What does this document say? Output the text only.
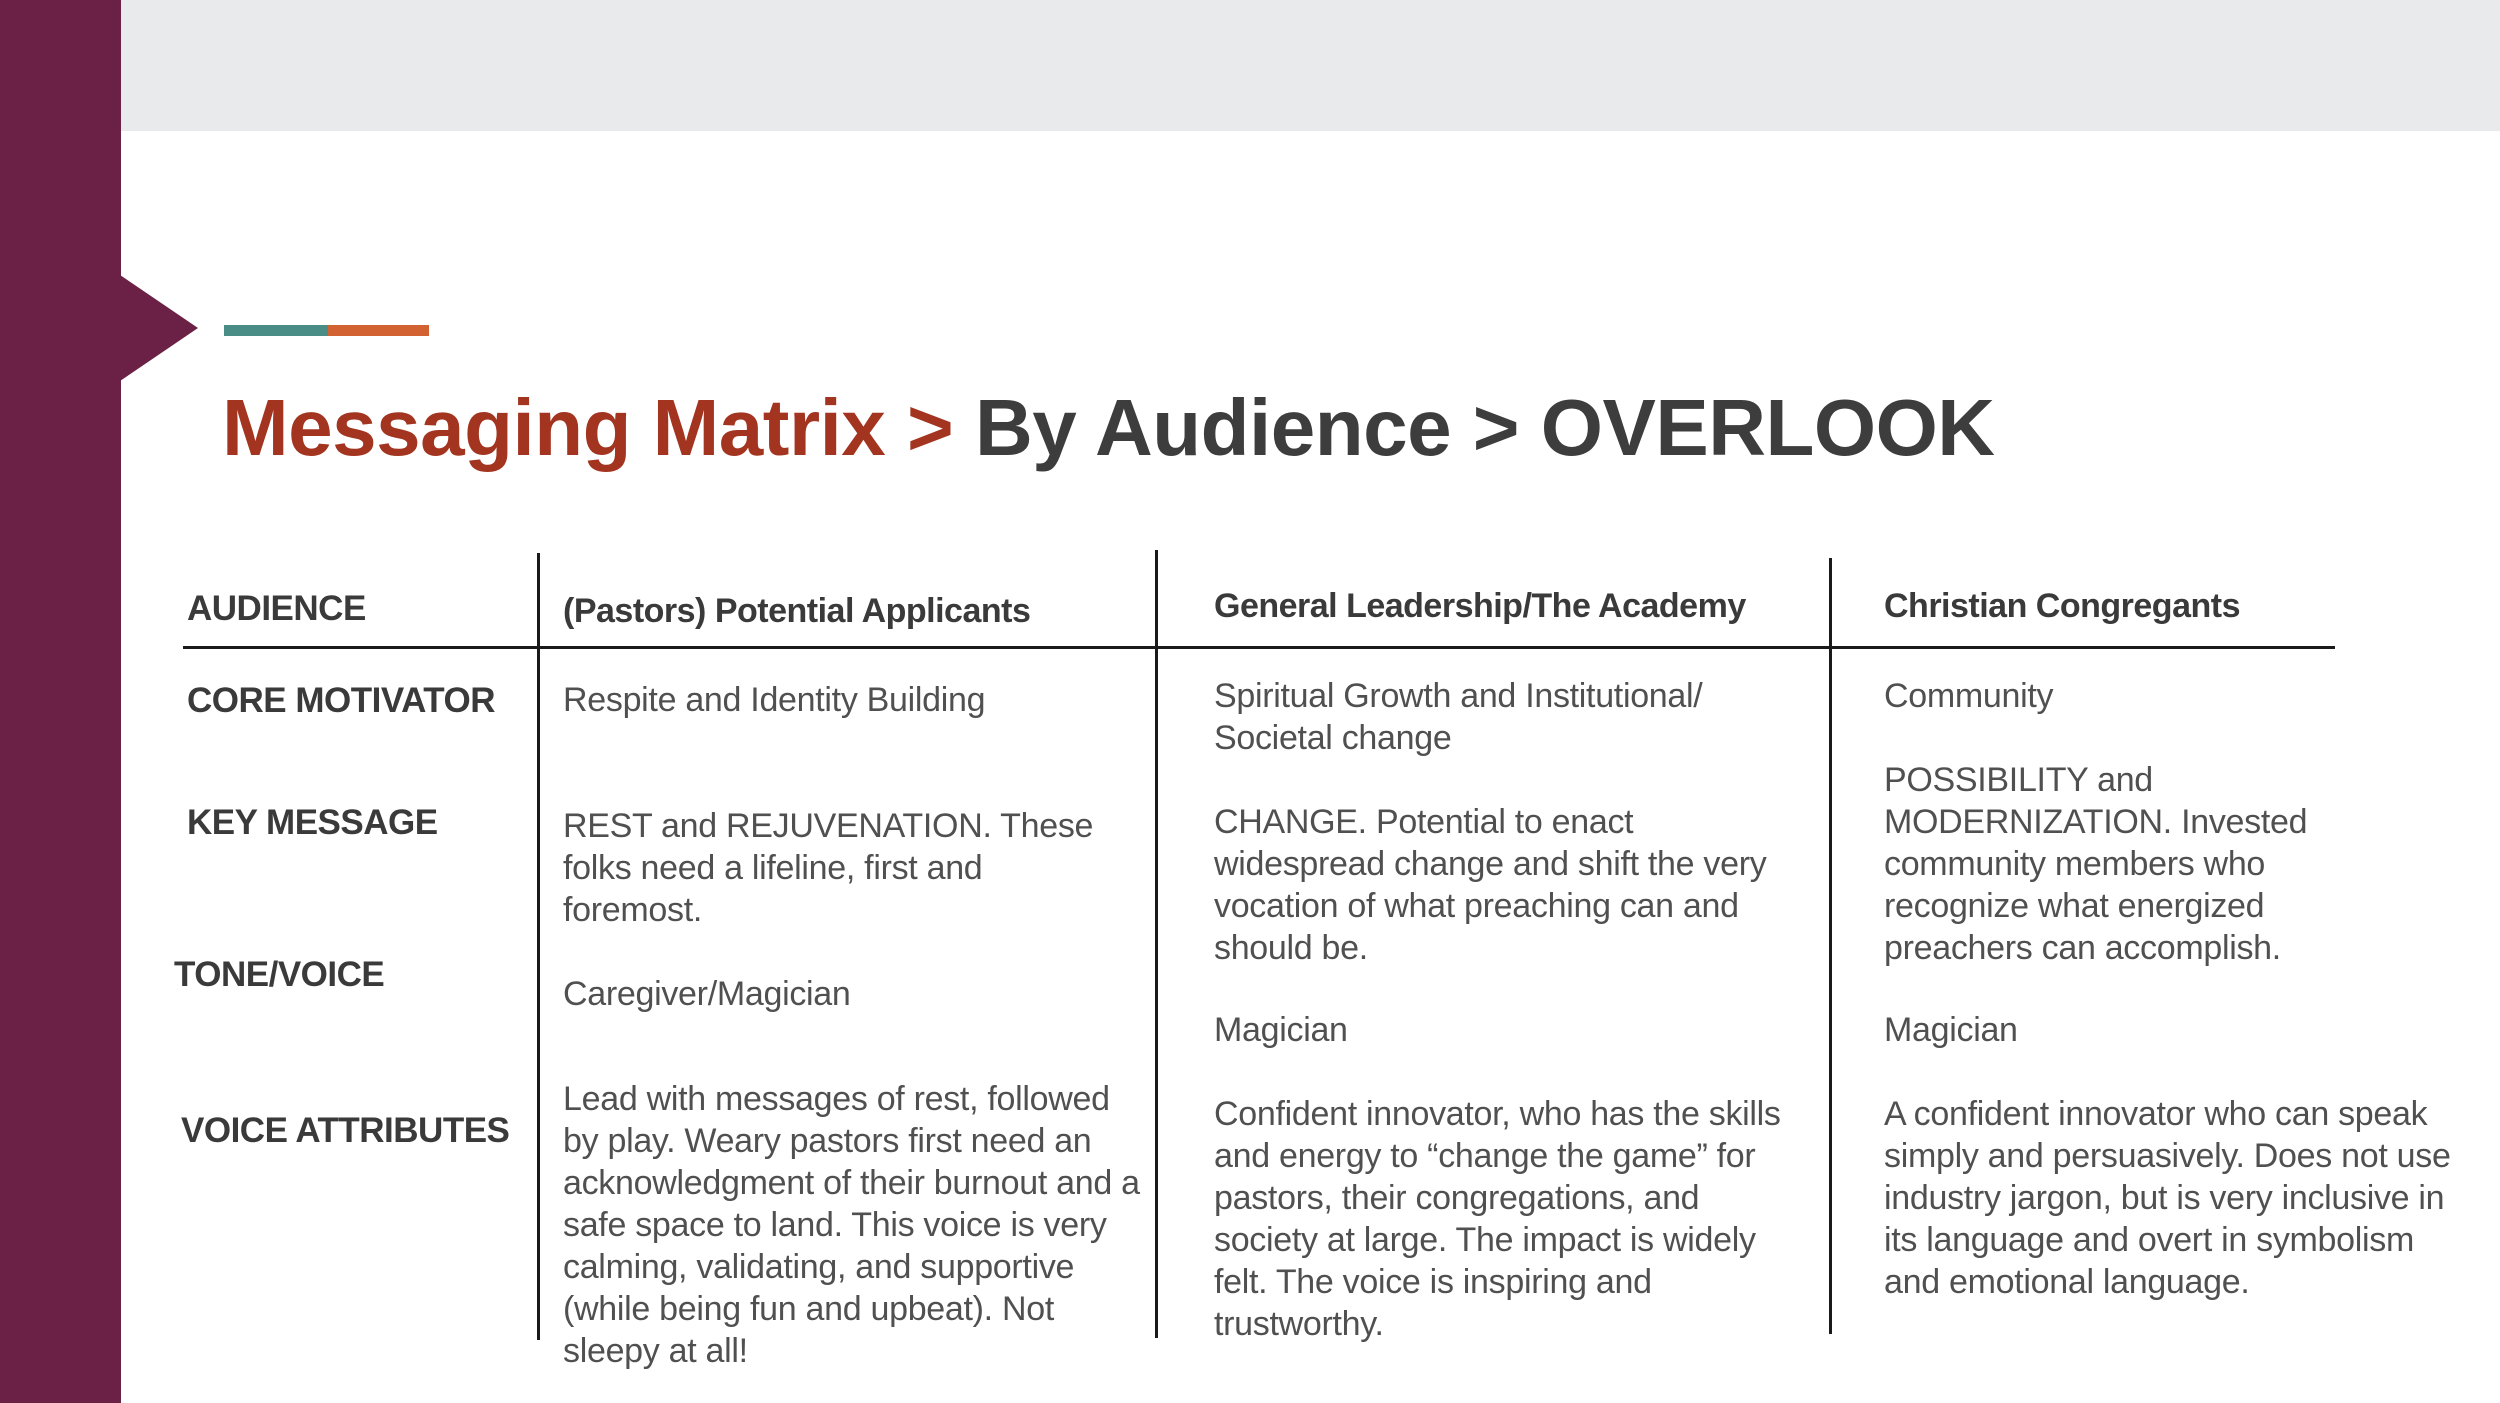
Messaging Matrix > By Audience > OVERLOOK
AUDIENCE
CORE MOTIVATOR
KEY MESSAGE
TONE/VOICE
VOICE ATTRIBUTES
(Pastors) Potential Applicants
Respite and Identity Building
REST and REJUVENATION. These folks need a lifeline, first and foremost.
Caregiver/Magician
Lead with messages of rest, followed by play. Weary pastors first need an acknowledgment of their burnout and a safe space to land. This voice is very calming, validating, and supportive (while being fun and upbeat). Not sleepy at all!
General Leadership/The Academy
Spiritual Growth and Institutional/ Societal change
CHANGE. Potential to enact widespread change and shift the very vocation of what preaching can and should be.
Magician
Confident innovator, who has the skills and energy to “change the game” for pastors, their congregations, and society at large. The impact is widely felt. The voice is inspiring and trustworthy.
Christian Congregants
Community
POSSIBILITY and MODERNIZATION. Invested community members who recognize what energized preachers can accomplish.
Magician
A confident innovator who can speak simply and persuasively. Does not use industry jargon, but is very inclusive in its language and overt in symbolism and emotional language.
